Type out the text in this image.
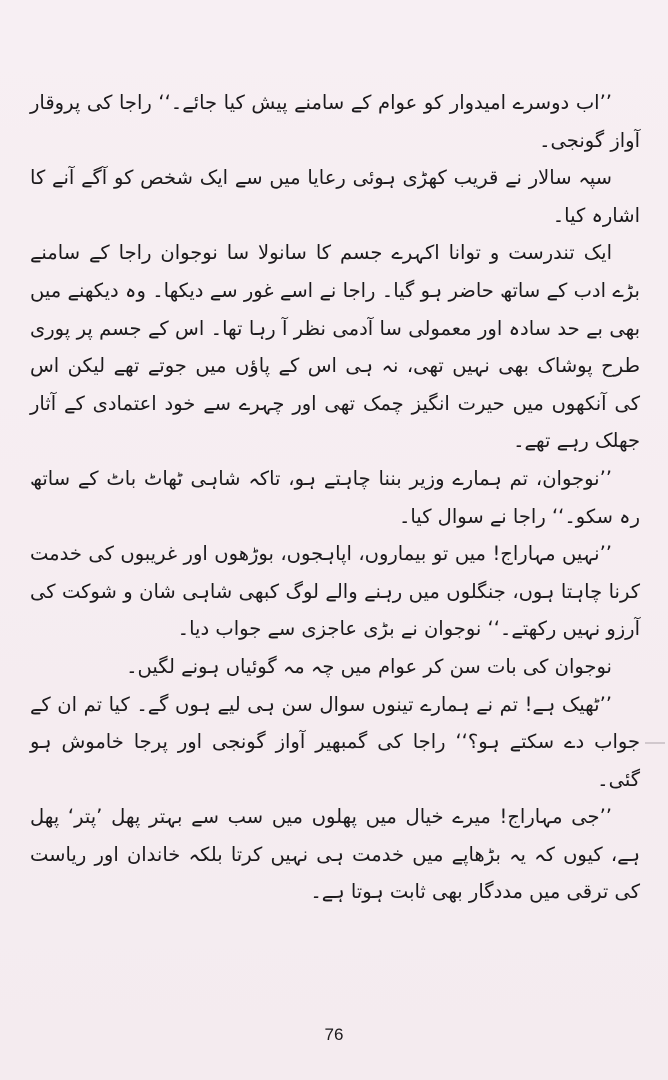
’’اب دوسرے امیدوار کو عوام کے سامنے پیش کیا جائے۔‘‘ راجا کی پروقار آواز گونجی۔

سپہ سالار نے قریب کھڑی ہوئی رعایا میں سے ایک شخص کو آگے آنے کا اشارہ کیا۔

ایک تندرست و توانا اکہرے جسم کا سانولا سا نوجوان راجا کے سامنے بڑے ادب کے ساتھ حاضر ہو گیا۔ راجا نے اسے غور سے دیکھا۔ وہ دیکھنے میں بھی بے حد سادہ اور معمولی سا آدمی نظر آ رہا تھا۔ اس کے جسم پر پوری طرح پوشاک بھی نہیں تھی، نہ ہی اس کے پاؤں میں جوتے تھے لیکن اس کی آنکھوں میں حیرت انگیز چمک تھی اور چہرے سے خود اعتمادی کے آثار جھلک رہے تھے۔

’’نوجوان، تم ہمارے وزیر بننا چاہتے ہو، تاکہ شاہی ٹھاٹ باٹ کے ساتھ رہ سکو۔‘‘ راجا نے سوال کیا۔

’’نہیں مہاراج! میں تو بیماروں، اپاہجوں، بوڑھوں اور غریبوں کی خدمت کرنا چاہتا ہوں، جنگلوں میں رہنے والے لوگ کبھی شاہی شان و شوکت کی آرزو نہیں رکھتے۔‘‘ نوجوان نے بڑی عاجزی سے جواب دیا۔

نوجوان کی بات سن کر عوام میں چہ مہ گوئیاں ہونے لگیں۔

’’ٹھیک ہے! تم نے ہمارے تینوں سوال سن ہی لیے ہوں گے۔ کیا تم ان کے جواب دے سکتے ہو؟‘‘ راجا کی گمبھیر آواز گونجی اور پرجا خاموش ہو گئی۔

’’جی مہاراج! میرے خیال میں پھلوں میں سب سے بہتر پھل ’پتر‘ پھل ہے، کیوں کہ یہ بڑھاپے میں خدمت ہی نہیں کرتا بلکہ خاندان اور ریاست کی ترقی میں مددگار بھی ثابت ہوتا ہے۔

76
